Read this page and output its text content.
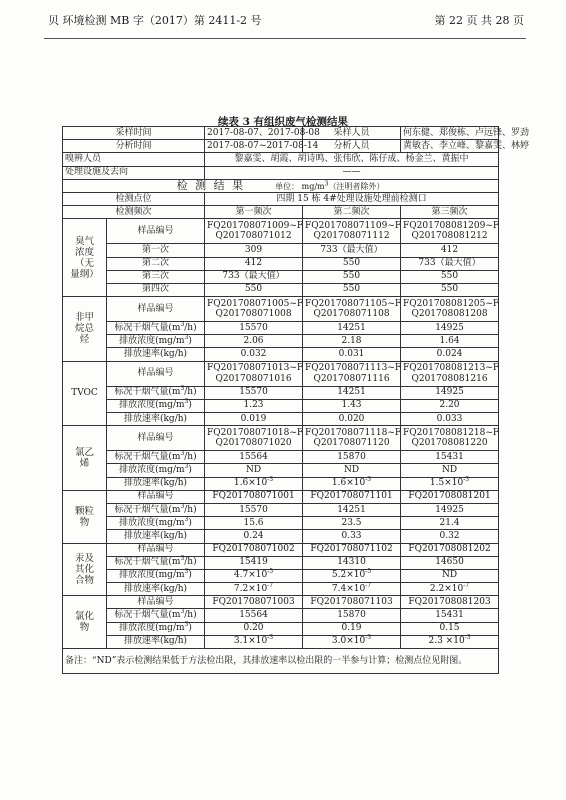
贝 环境检测 MB 字（2017）第 2411-2 号	第 22 页 共 28 页
续表 3 有组织废气检测结果
采样时间		2017-08-07、2017-08-08	采样人员	何东健、郑俊栋、卢远锋、罗劲
分析时间		2017-08-07~2017-08-14	分析人员	黄敏杏、李立峰、黎嘉雯、林婷
嗅辨人员		黎嘉雯、胡霞、胡诗鸣、张伟欣、陈仔成、杨金兰、黄振中		
处理设施及去向		——		
检 测 结 果 单位： $mg/m^3$（注明者除外）				
检测点位		四期 15 栋 4#处理设施处理前检测口		
检测频次		第一频次	第二频次	第三频次

臭气
浓度
（无
量纲）	样品编号	FQ201708071009~F Q201708071012	FQ201708071109~F Q201708071112	FQ201708081209~F Q201708081212
	第一次	309	733（最大值）	412
	第二次	412	550	733（最大值）
	第三次	733（最大值）	550	550
	第四次	550	550	550

非甲
烷总
烃	样品编号	FQ201708071005~F Q201708071008	FQ201708071105~F Q201708071108	FQ201708081205~F Q201708081208
	标况干烟气量$(m^3/h)$	15570	14251	14925
	排放浓度$(mg/m^3)$	2.06	2.18	1.64
	排放速率(kg/h)	0.032	0.031	0.024
TVOC	样品编号	FQ201708071013~F Q201708071016	FQ201708071113~F Q201708071116	FQ201708081213~F Q201708081216
	标况干烟气量$(m^3/h)$	15570	14251	14925
	排放浓度$(mg/m^3)$	1.23	1.43	2.20
	排放速率(kg/h)	0.019	0.020	0.033

氯乙
烯	样品编号	FQ201708071018~F Q201708071020	FQ201708071118~F Q201708071120	FQ201708081218~F Q201708081220
	标况干烟气量$(m^3/h)$	15564	15870	15431
	排放浓度$(mg/m^3)$	ND	ND	ND
	排放速率(kg/h)	$1.6\times 10^{-3}$	$1.6\times 10^{-3}$	$1.5\times 10^{-3}$

颗粒
物	样品编号	FQ201708071001	FQ201708071101	FQ201708081201
	标况干烟气量$(m^3/h)$	15570	14251	14925
	排放浓度$(mg/m^3)$	15.6	23.5	21.4
	排放速率(kg/h)	0.24	0.33	0.32

汞及
其化
合物	样品编号	FQ201708071002	FQ201708071102	FQ201708081202
	标况干烟气量$(m^3/h)$	15419	14310	14650
	排放浓度$(mg/m^3)$	$4.7\times 10^{-5}$	$5.2\times 10^{-5}$	ND
	排放速率(kg/h)	$7.2\times 10^{-7}$	$7.4\times 10^{-7}$	$2.2\times 10^{-7}$

氯化
物	样品编号	FQ201708071003	FQ201708071103	FQ201708081203
	标况干烟气量$(m^3/h)$	15564	15870	15431
	排放浓度$(mg/m^3)$	0.20	0.19	0.15
	排放速率(kg/h)	$3.1\times 10^{-3}$	$3.0\times 10^{-3}$	$2.3 \times 10^{-3}$
备注：“ND”表示检测结果低于方法检出限，其排放速率以检出限的一半参与计算；检测点位见附图。				
